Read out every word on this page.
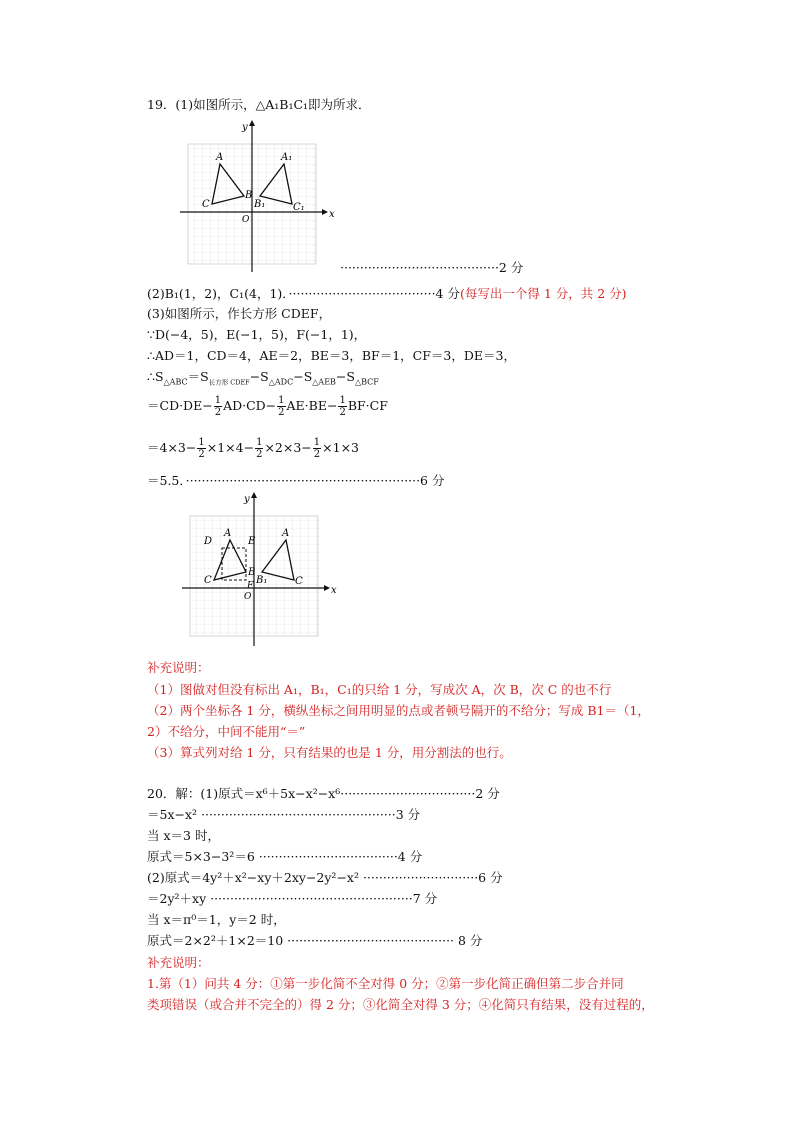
19．(1)如图所示，△A₁B₁C₁即为所求．
x
y
O
A
B
C
A₁
B₁	C₁
········································2 分
(2)B₁(1，2)，C₁(4，1)．·····································4 分(每写出一个得 1 分，共 2 分)
(3)如图所示，作长方形 CDEF，
∵D(−4，5)，E(−1，5)，F(−1，1)，
∴AD＝1，CD＝4，AE＝2，BE＝3，BF＝1，CF＝3，DE＝3，
$\therefore S_{\triangle ABC}=S_{长方形 CDEF}-S_{\triangle ADC}-S_{\triangle AEB}-S_{\triangle BCF}$
$=CD\cdot DE- \frac{1}{2} AD\cdot CD- \frac{1}{2} AE\cdot BE- \frac{1}{2} BF\cdot CF$
$=4\times 3- \frac{1}{2} \times 1\times 4- \frac{1}{2} \times 2\times 3- \frac{1}{2} \times 1\times 3$
＝5.5．···························································6 分
x
y
O
A
B
C
D	E
F
A
B₁	C
补充说明：
（1）图做对但没有标出 A₁，B₁，C₁的只给 1 分，写成次 A，次 B，次 C 的也不行
（2）两个坐标各 1 分，横纵坐标之间用明显的点或者顿号隔开的不给分；写成 B1＝（1，
2）不给分，中间不能用“＝”
（3）算式列对给 1 分，只有结果的也是 1 分，用分割法的也行。
20．解：(1)原式＝x⁶＋5x−x²−x⁶··································2 分
＝5x−x² ·················································3 分
当 x＝3 时，
原式＝5×3−3²＝6 ···································4 分
(2)原式＝4y²＋x²−xy＋2xy−2y²−x² ·····························6 分
＝2y²＋xy ···················································7 分
当 x＝π⁰＝1，y＝2 时，
原式＝2×2²＋1×2＝10 ·········································· 8 分
补充说明：
1.第（1）问共 4 分：①第一步化简不全对得 0 分；②第一步化简正确但第二步合并同
类项错误（或合并不完全的）得 2 分；③化简全对得 3 分；④化简只有结果，没有过程的，
